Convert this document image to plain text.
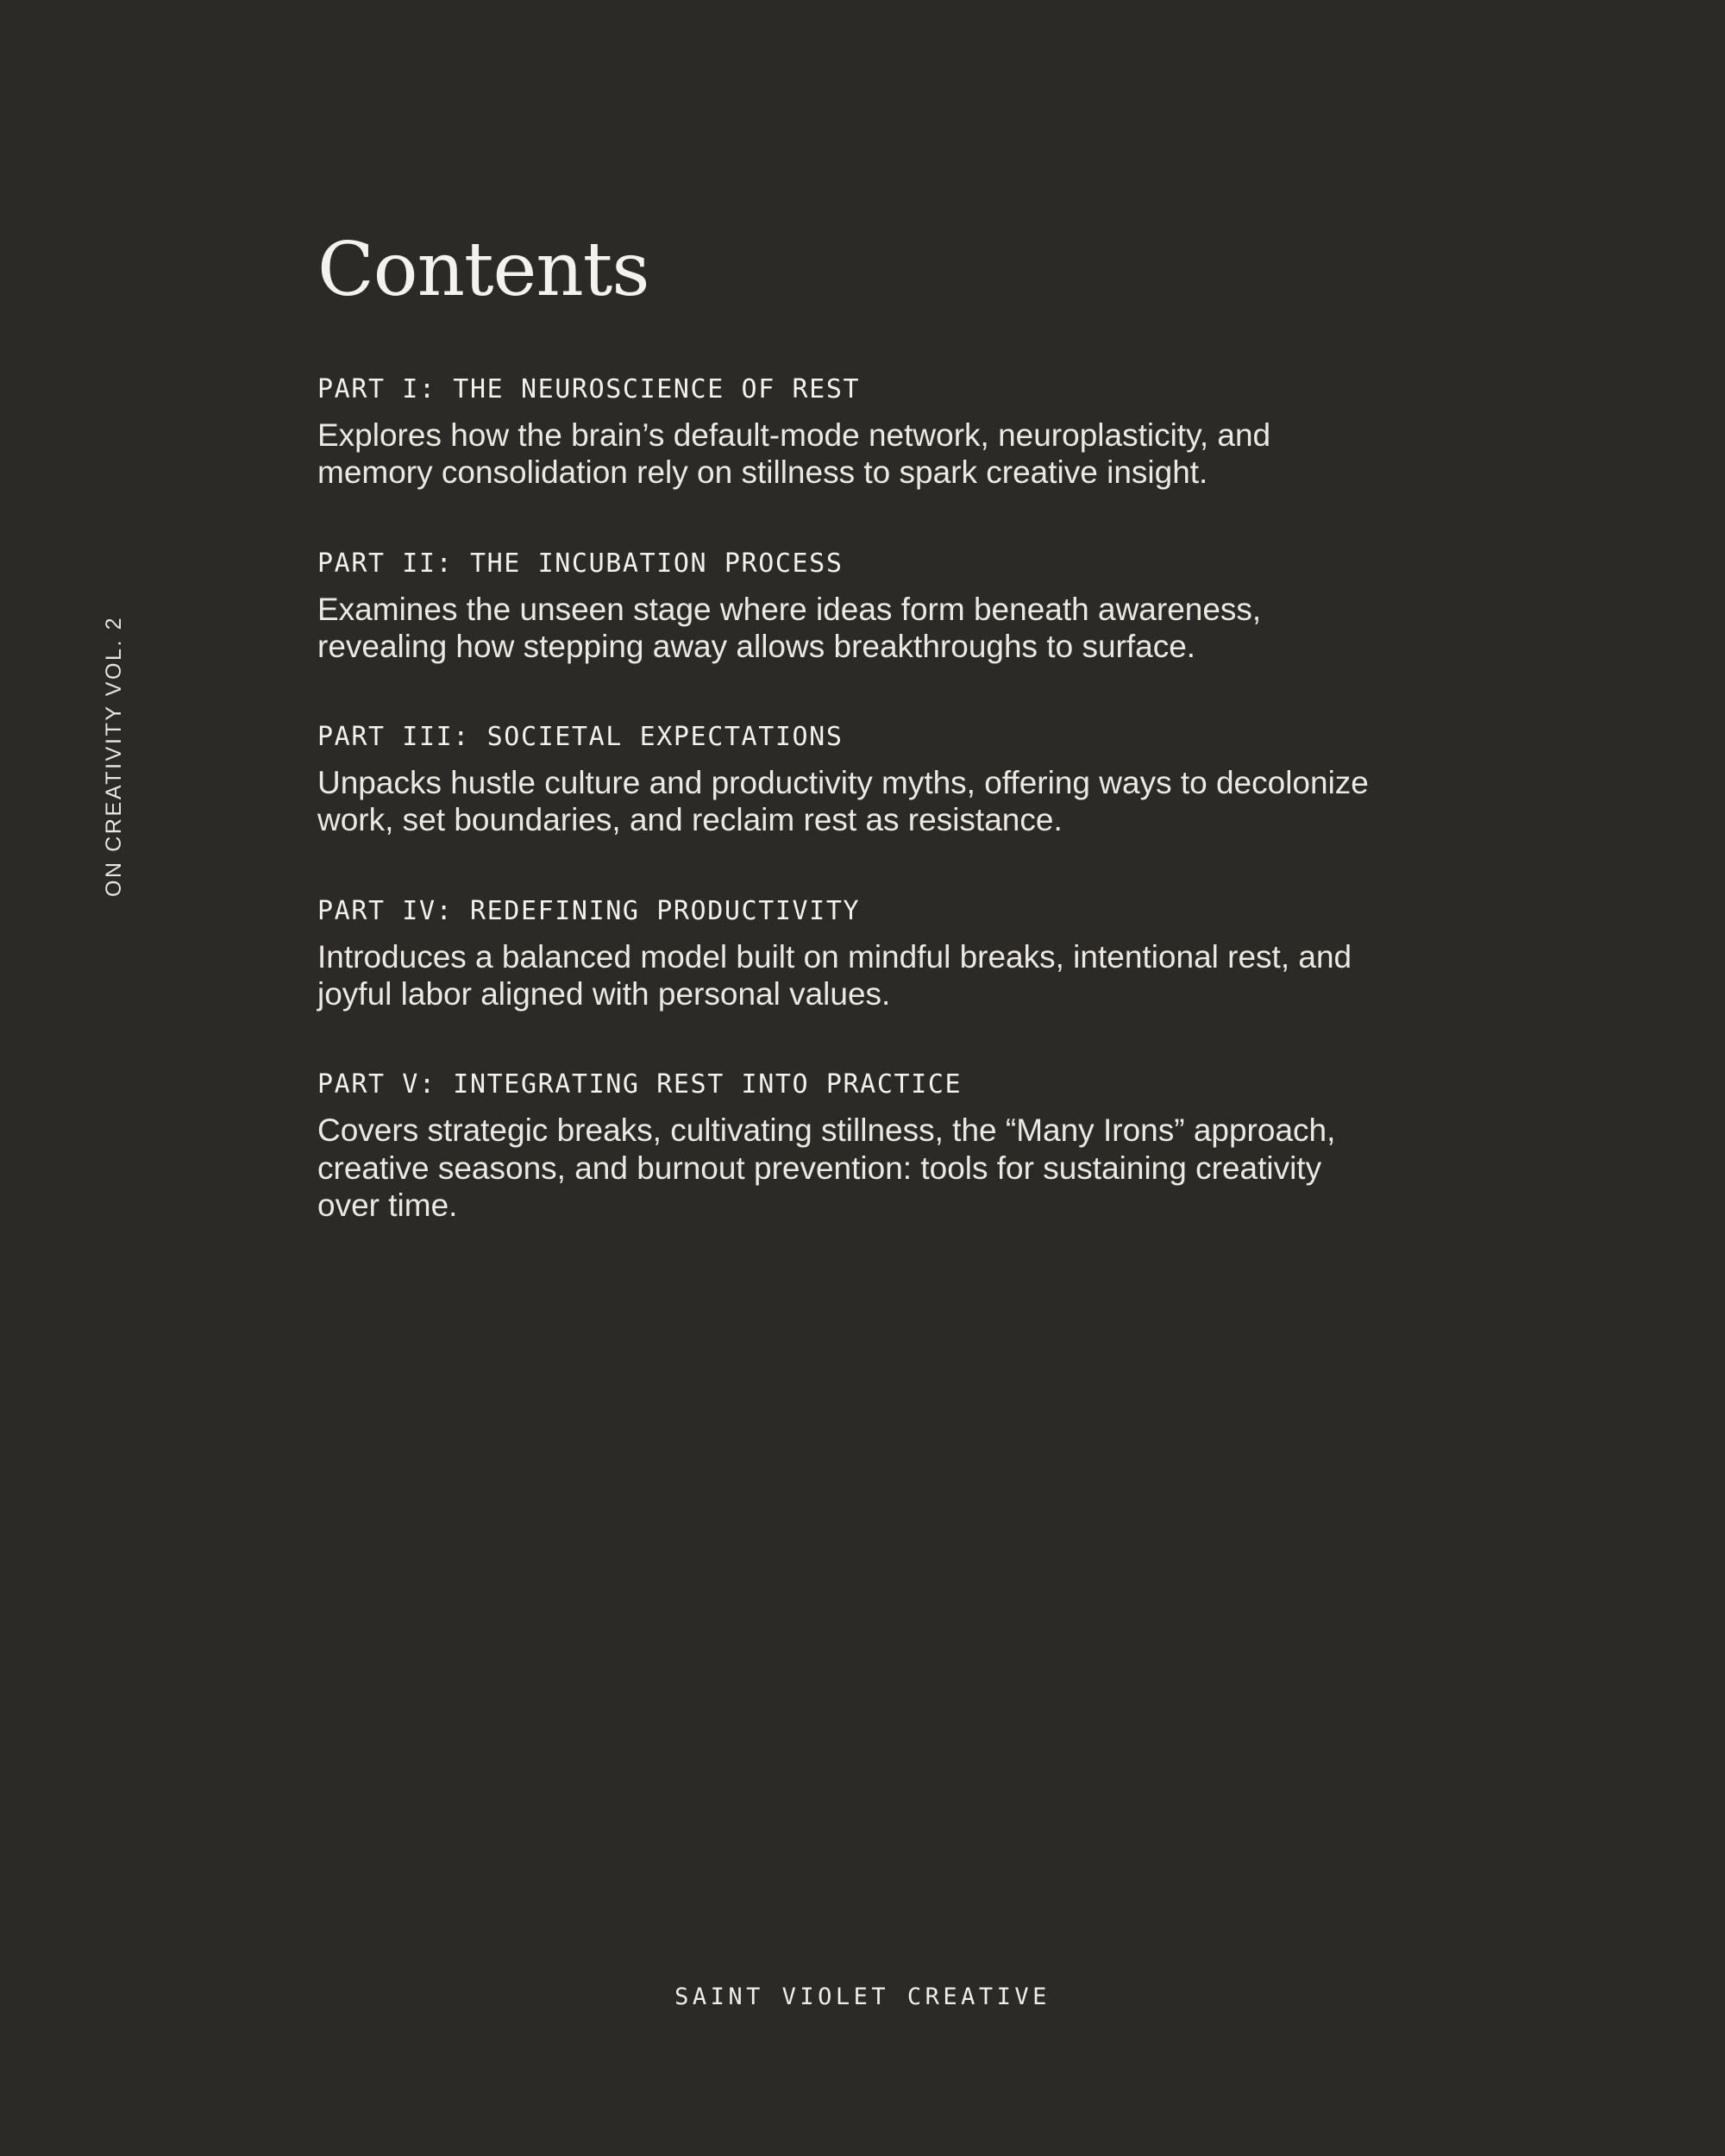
ON CREATIVITY VOL. 2
Contents
PART I: THE NEUROSCIENCE OF REST

Explores how the brain’s default-mode network, neuroplasticity, and memory consolidation rely on stillness to spark creative insight.

PART II: THE INCUBATION PROCESS

Examines the unseen stage where ideas form beneath awareness, revealing how stepping away allows breakthroughs to surface.

PART III: SOCIETAL EXPECTATIONS

Unpacks hustle culture and productivity myths, offering ways to decolonize work, set boundaries, and reclaim rest as resistance.

PART IV: REDEFINING PRODUCTIVITY

Introduces a balanced model built on mindful breaks, intentional rest, and joyful labor aligned with personal values.

PART V: INTEGRATING REST INTO PRACTICE

Covers strategic breaks, cultivating stillness, the “Many Irons” approach, creative seasons, and burnout prevention: tools for sustaining creativity over time.

SAINT VIOLET CREATIVE
